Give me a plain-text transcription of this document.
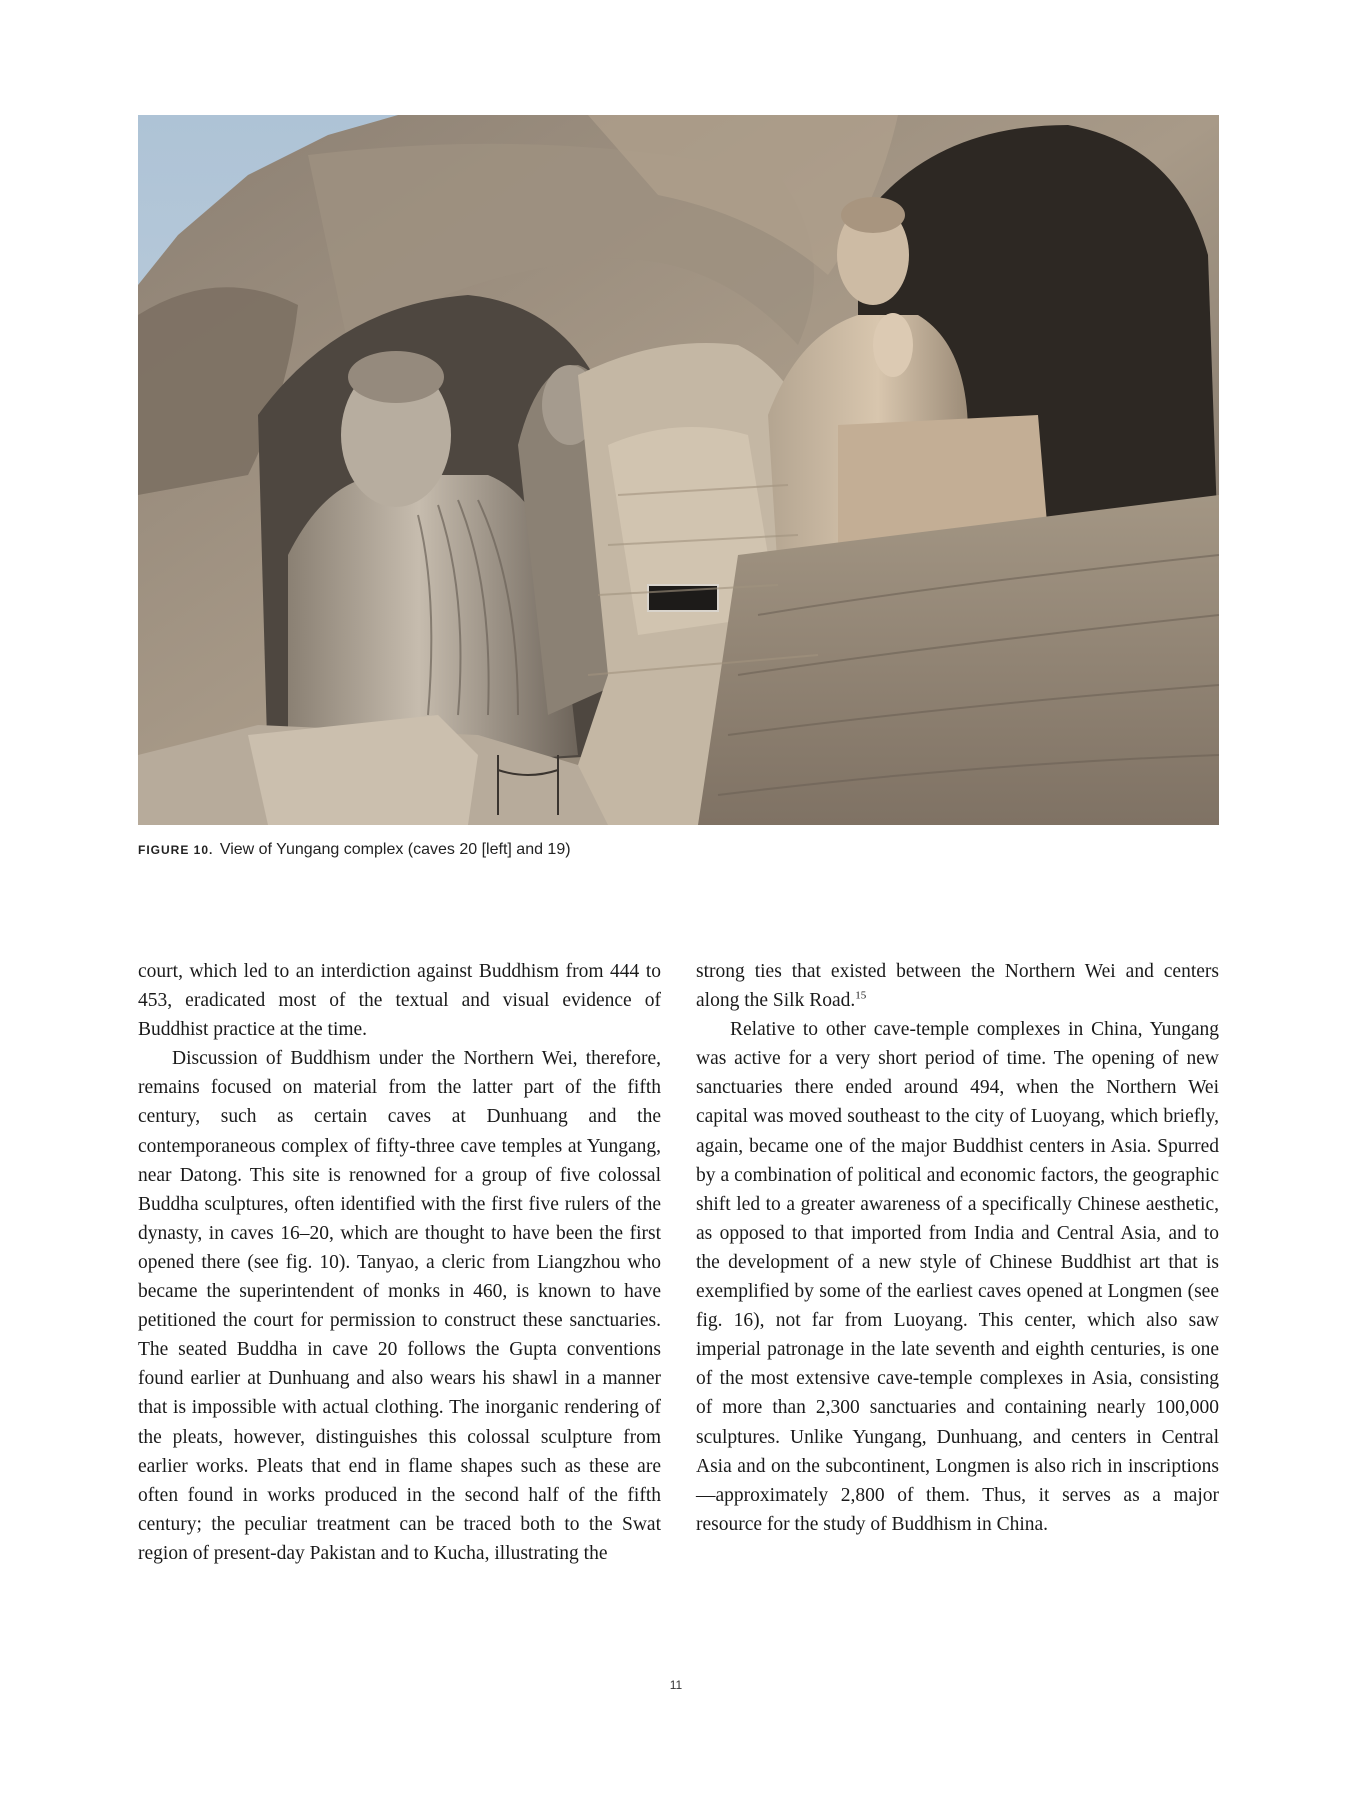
FIGURE 10. View of Yungang complex (caves 20 [left] and 19)

court, which led to an interdiction against Buddhism from 444 to 453, eradicated most of the textual and visual evidence of Buddhist practice at the time.

Discussion of Buddhism under the Northern Wei, therefore, remains focused on material from the latter part of the fifth century, such as certain caves at Dunhuang and the contemporaneous complex of fifty-three cave temples at Yungang, near Datong. This site is renowned for a group of five colossal Buddha sculptures, often identified with the first five rulers of the dynasty, in caves 16–20, which are thought to have been the first opened there (see fig. 10). Tanyao, a cleric from Liangzhou who became the superintendent of monks in 460, is known to have petitioned the court for permission to construct these sanctuaries. The seated Buddha in cave 20 follows the Gupta conventions found earlier at Dunhuang and also wears his shawl in a manner that is impossible with actual clothing. The inorganic rendering of the pleats, however, distinguishes this colossal sculpture from earlier works. Pleats that end in flame shapes such as these are often found in works produced in the second half of the fifth century; the peculiar treatment can be traced both to the Swat region of present-day Pakistan and to Kucha, illustrating the

strong ties that existed between the Northern Wei and centers along the Silk Road.$^{15}$

Relative to other cave-temple complexes in China, Yungang was active for a very short period of time. The opening of new sanctuaries there ended around 494, when the Northern Wei capital was moved southeast to the city of Luoyang, which briefly, again, became one of the major Buddhist centers in Asia. Spurred by a combination of political and economic factors, the geographic shift led to a greater awareness of a specifically Chinese aesthetic, as opposed to that imported from India and Central Asia, and to the development of a new style of Chinese Buddhist art that is exemplified by some of the earliest caves opened at Longmen (see fig. 16), not far from Luoyang. This center, which also saw imperial patronage in the late seventh and eighth centuries, is one of the most extensive cave-temple complexes in Asia, consisting of more than 2,300 sanctuaries and containing nearly 100,000 sculptures. Unlike Yungang, Dunhuang, and centers in Central Asia and on the subcontinent, Longmen is also rich in inscriptions—approximately 2,800 of them. Thus, it serves as a major resource for the study of Buddhism in China.

11
